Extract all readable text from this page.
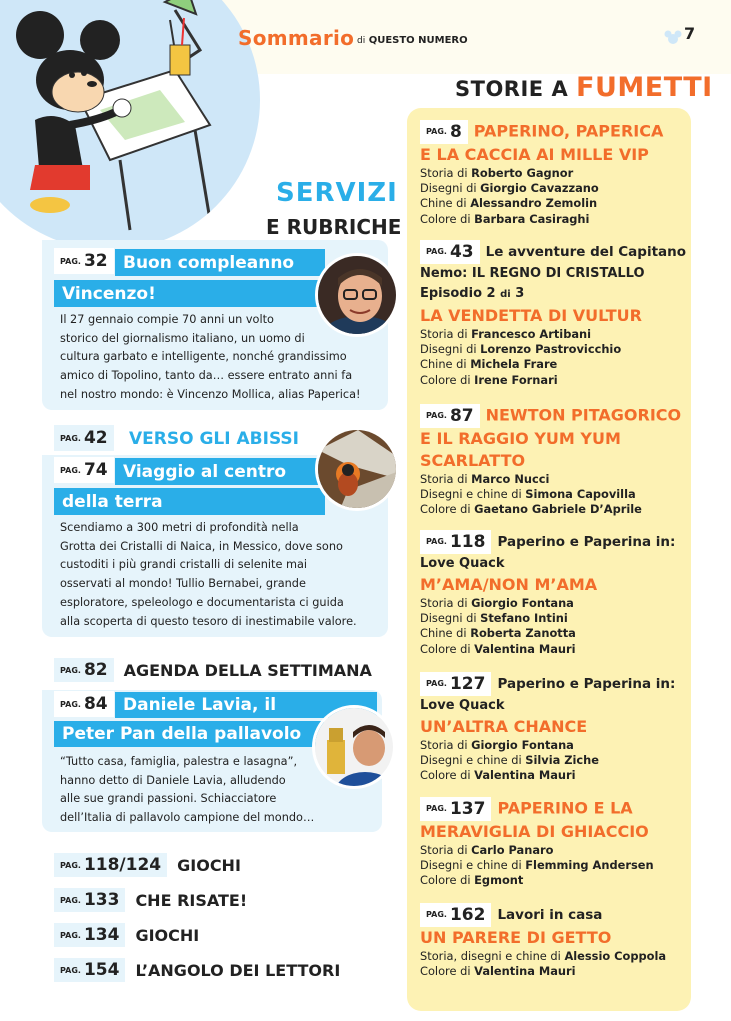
Sommario di QUESTO NUMERO	7
SERVIZI
E RUBRICHE
PAG. 32 Buon compleanno
Vincenzo!
Il 27 gennaio compie 70 anni un volto
storico del giornalismo italiano, un uomo di
cultura garbato e intelligente, nonché grandissimo
amico di Topolino, tanto da… essere entrato anni fa
nel nostro mondo: è Vincenzo Mollica, alias Paperica!
PAG. 42 VERSO GLI ABISSI
PAG. 74 Viaggio al centro
della terra
Scendiamo a 300 metri di profondità nella
Grotta dei Cristalli di Naica, in Messico, dove sono
custoditi i più grandi cristalli di selenite mai
osservati al mondo! Tullio Bernabei, grande
esploratore, speleologo e documentarista ci guida
alla scoperta di questo tesoro di inestimabile valore.
PAG. 82 AGENDA DELLA SETTIMANA
PAG. 84 Daniele Lavia, il
Peter Pan della pallavolo
“Tutto casa, famiglia, palestra e lasagna”,
hanno detto di Daniele Lavia, alludendo
alle sue grandi passioni. Schiacciatore
dell’Italia di pallavolo campione del mondo…
PAG. 118/124 GIOCHI
PAG. 133 CHE RISATE!
PAG. 134 GIOCHI
PAG. 154 L’ANGOLO DEI LETTORI
STORIE A FUMETTI
PAG. 8 PAPERINO, PAPERICA
E LA CACCIA AI MILLE VIP
Storia di Roberto Gagnor
Disegni di Giorgio Cavazzano
Chine di Alessandro Zemolin
Colore di Barbara Casiraghi
PAG. 43 Le avventure del Capitano
Nemo: IL REGNO DI CRISTALLO
Episodio 2 di 3
LA VENDETTA DI VULTUR
Storia di Francesco Artibani
Disegni di Lorenzo Pastrovicchio
Chine di Michela Frare
Colore di Irene Fornari
PAG. 87 NEWTON PITAGORICO
E IL RAGGIO YUM YUM
SCARLATTO
Storia di Marco Nucci
Disegni e chine di Simona Capovilla
Colore di Gaetano Gabriele D’Aprile
PAG. 118 Paperino e Paperina in:
Love Quack
M’AMA/NON M’AMA
Storia di Giorgio Fontana
Disegni di Stefano Intini
Chine di Roberta Zanotta
Colore di Valentina Mauri
PAG. 127 Paperino e Paperina in:
Love Quack
UN’ALTRA CHANCE
Storia di Giorgio Fontana
Disegni e chine di Silvia Ziche
Colore di Valentina Mauri
PAG. 137 PAPERINO E LA
MERAVIGLIA DI GHIACCIO
Storia di Carlo Panaro
Disegni e chine di Flemming Andersen
Colore di Egmont
PAG. 162 Lavori in casa
UN PARERE DI GETTO
Storia, disegni e chine di Alessio Coppola
Colore di Valentina Mauri
